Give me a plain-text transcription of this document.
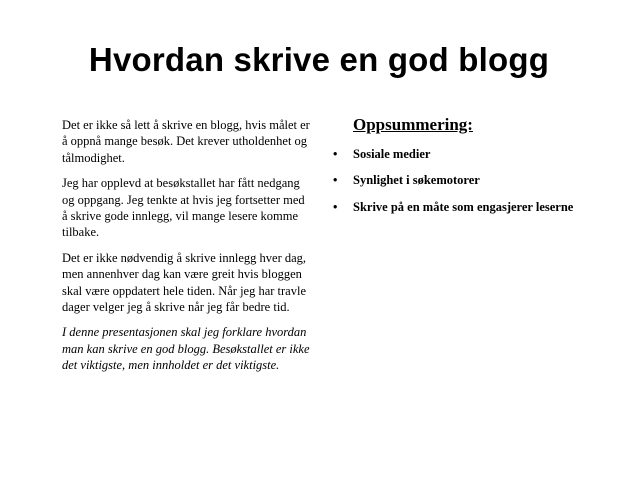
Hvordan skrive en god blogg

Det er ikke så lett å skrive en blogg, hvis målet er å oppnå mange besøk. Det krever utholdenhet og tålmodighet.

Jeg har opplevd at besøkstallet har fått nedgang og oppgang. Jeg tenkte at hvis jeg fortsetter med å skrive gode innlegg, vil mange lesere komme tilbake.

Det er ikke nødvendig å skrive innlegg hver dag, men annenhver dag kan være greit hvis bloggen skal være oppdatert hele tiden. Når jeg har travle dager velger jeg å skrive når jeg får bedre tid.

I denne presentasjonen skal jeg forklare hvordan man kan skrive en god blogg. Besøkstallet er ikke det viktigste, men innholdet er det viktigste.

Oppsummering:
• Sosiale medier
• Synlighet i søkemotorer
• Skrive på en måte som engasjerer leserne
